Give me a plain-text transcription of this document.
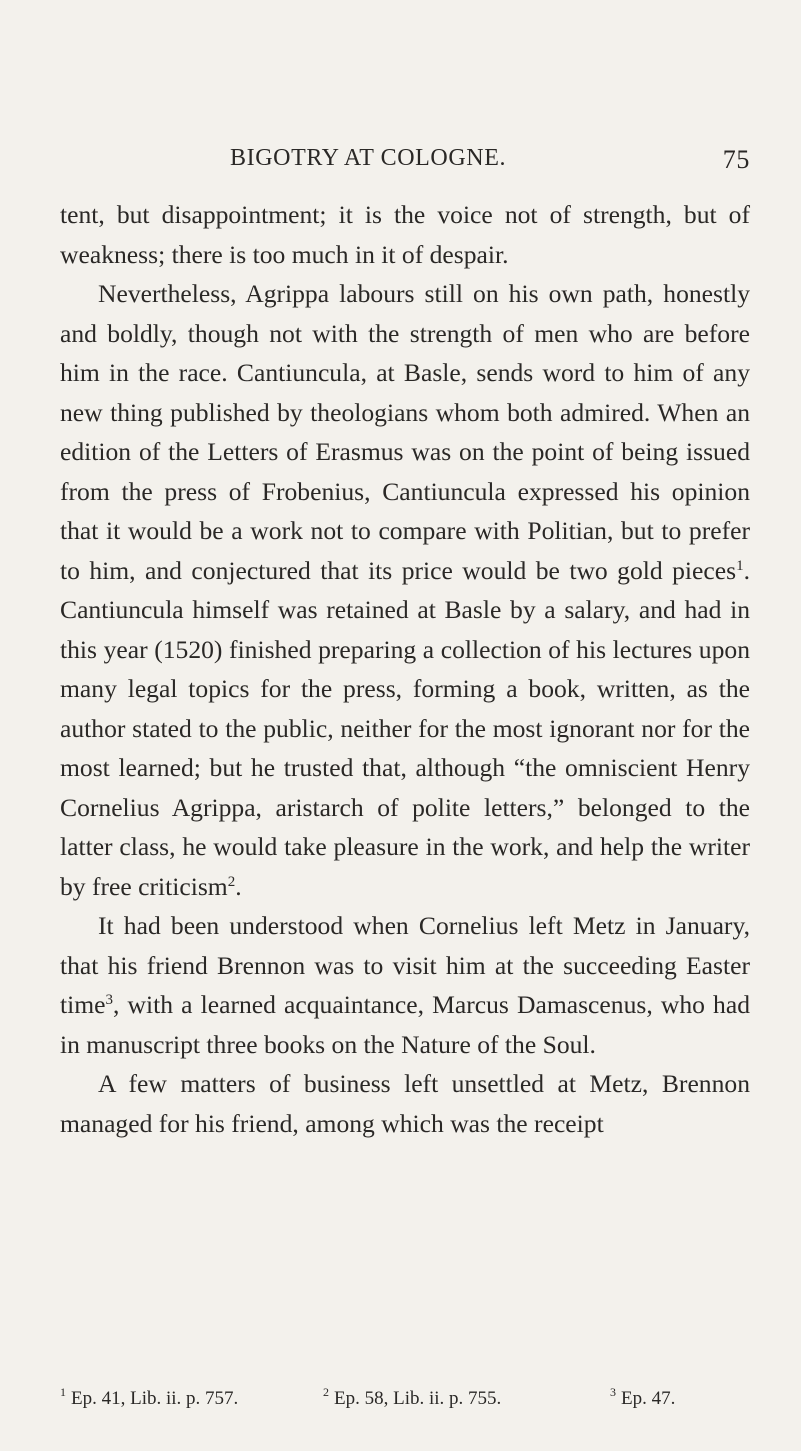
BIGOTRY AT COLOGNE.	75

tent, but disappointment; it is the voice not of strength, but of weakness; there is too much in it of despair.

Nevertheless, Agrippa labours still on his own path, honestly and boldly, though not with the strength of men who are before him in the race. Cantiuncula, at Basle, sends word to him of any new thing published by theologians whom both admired. When an edition of the Letters of Erasmus was on the point of being issued from the press of Frobenius, Cantiuncula expressed his opinion that it would be a work not to compare with Politian, but to prefer to him, and conjectured that its price would be two gold pieces$^1$. Cantiuncula himself was retained at Basle by a salary, and had in this year (1520) finished preparing a collection of his lectures upon many legal topics for the press, forming a book, written, as the author stated to the public, neither for the most ignorant nor for the most learned; but he trusted that, although “the omniscient Henry Cornelius Agrippa, aristarch of polite letters,” belonged to the latter class, he would take pleasure in the work, and help the writer by free criticism$^2$.

It had been understood when Cornelius left Metz in January, that his friend Brennon was to visit him at the succeeding Easter time$^3$, with a learned acquaintance, Marcus Damascenus, who had in manuscript three books on the Nature of the Soul.

A few matters of business left unsettled at Metz, Brennon managed for his friend, among which was the receipt

$^1$ Ep. 41, Lib. ii. p. 757.	$^2$ Ep. 58, Lib. ii. p. 755.	$^3$ Ep. 47.
